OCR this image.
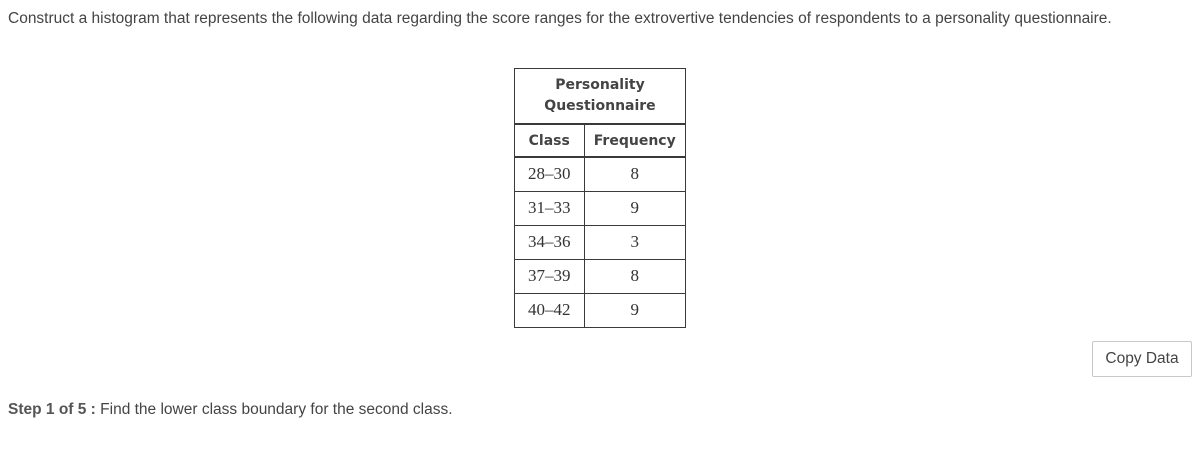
Construct a histogram that represents the following data regarding the score ranges for the extrovertive tendencies of respondents to a personality questionnaire.
Personality
Questionnaire
Class	Frequency
28–30	8
31–33	9
34–36	3
37–39	8
40–42	9
Copy Data
Step 1 of 5 : Find the lower class boundary for the second class.
